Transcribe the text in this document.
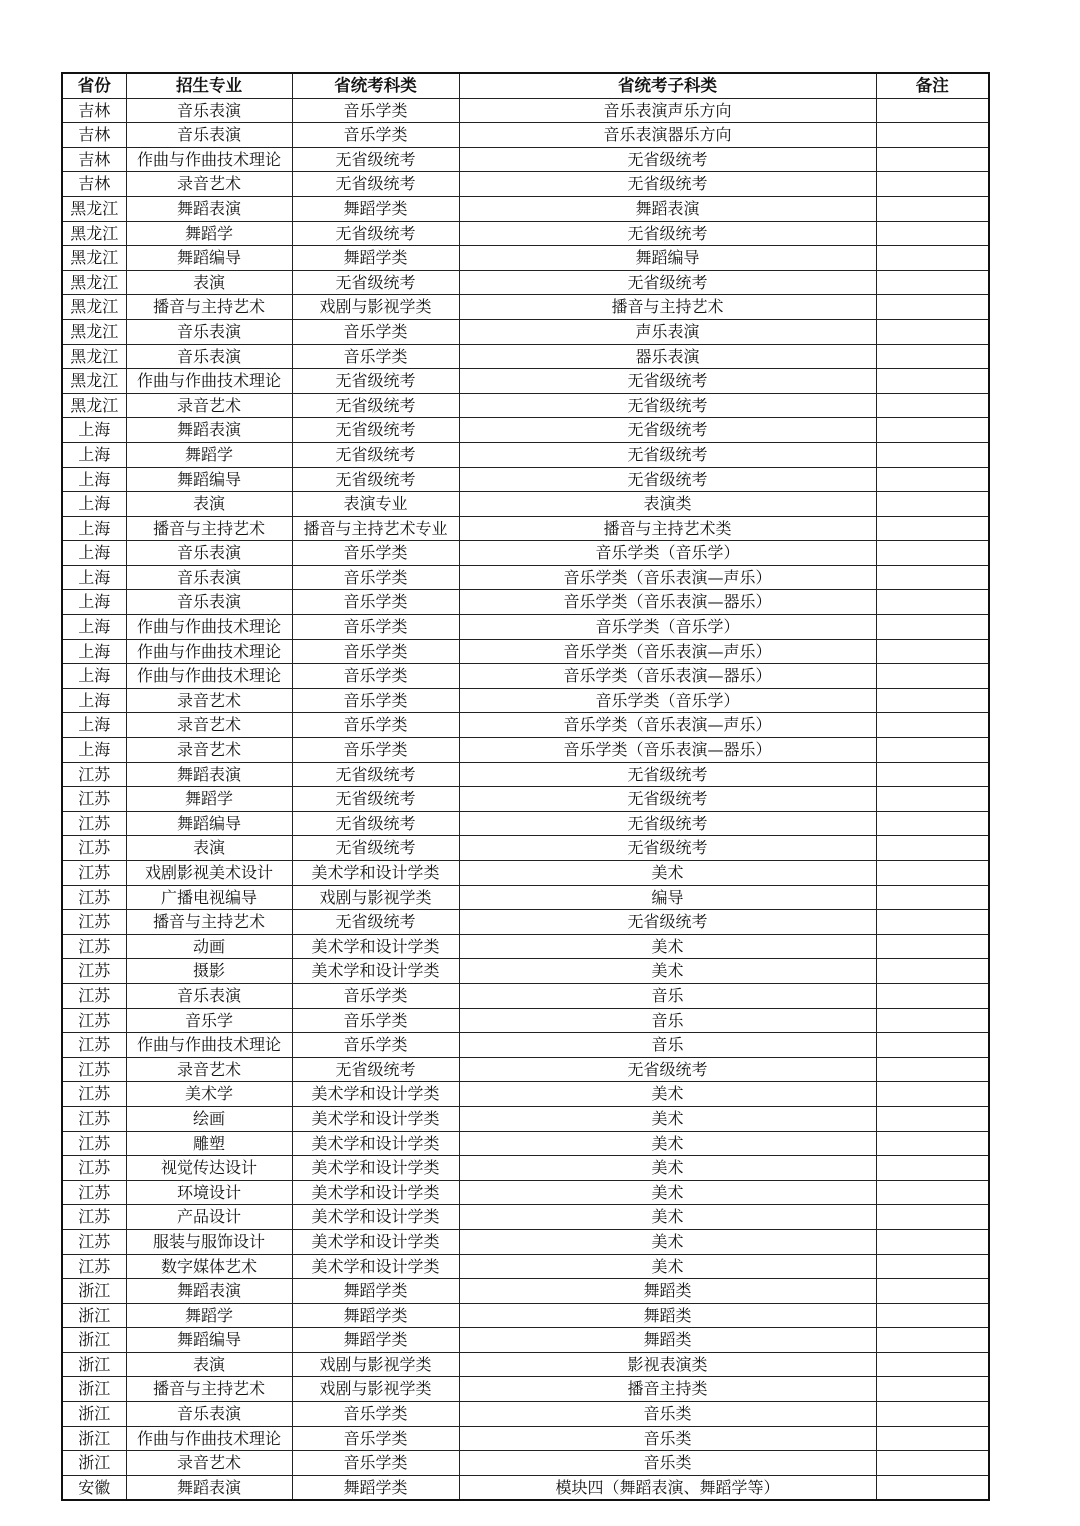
省份	招生专业	省统考科类	省统考子科类	备注
吉林	音乐表演	音乐学类	音乐表演声乐方向	
吉林	音乐表演	音乐学类	音乐表演器乐方向	
吉林	作曲与作曲技术理论	无省级统考	无省级统考	
吉林	录音艺术	无省级统考	无省级统考	
黑龙江	舞蹈表演	舞蹈学类	舞蹈表演	
黑龙江	舞蹈学	无省级统考	无省级统考	
黑龙江	舞蹈编导	舞蹈学类	舞蹈编导	
黑龙江	表演	无省级统考	无省级统考	
黑龙江	播音与主持艺术	戏剧与影视学类	播音与主持艺术	
黑龙江	音乐表演	音乐学类	声乐表演	
黑龙江	音乐表演	音乐学类	器乐表演	
黑龙江	作曲与作曲技术理论	无省级统考	无省级统考	
黑龙江	录音艺术	无省级统考	无省级统考	
上海	舞蹈表演	无省级统考	无省级统考	
上海	舞蹈学	无省级统考	无省级统考	
上海	舞蹈编导	无省级统考	无省级统考	
上海	表演	表演专业	表演类	
上海	播音与主持艺术	播音与主持艺术专业	播音与主持艺术类	
上海	音乐表演	音乐学类	音乐学类（音乐学）	
上海	音乐表演	音乐学类	音乐学类（音乐表演—声乐）	
上海	音乐表演	音乐学类	音乐学类（音乐表演—器乐）	
上海	作曲与作曲技术理论	音乐学类	音乐学类（音乐学）	
上海	作曲与作曲技术理论	音乐学类	音乐学类（音乐表演—声乐）	
上海	作曲与作曲技术理论	音乐学类	音乐学类（音乐表演—器乐）	
上海	录音艺术	音乐学类	音乐学类（音乐学）	
上海	录音艺术	音乐学类	音乐学类（音乐表演—声乐）	
上海	录音艺术	音乐学类	音乐学类（音乐表演—器乐）	
江苏	舞蹈表演	无省级统考	无省级统考	
江苏	舞蹈学	无省级统考	无省级统考	
江苏	舞蹈编导	无省级统考	无省级统考	
江苏	表演	无省级统考	无省级统考	
江苏	戏剧影视美术设计	美术学和设计学类	美术	
江苏	广播电视编导	戏剧与影视学类	编导	
江苏	播音与主持艺术	无省级统考	无省级统考	
江苏	动画	美术学和设计学类	美术	
江苏	摄影	美术学和设计学类	美术	
江苏	音乐表演	音乐学类	音乐	
江苏	音乐学	音乐学类	音乐	
江苏	作曲与作曲技术理论	音乐学类	音乐	
江苏	录音艺术	无省级统考	无省级统考	
江苏	美术学	美术学和设计学类	美术	
江苏	绘画	美术学和设计学类	美术	
江苏	雕塑	美术学和设计学类	美术	
江苏	视觉传达设计	美术学和设计学类	美术	
江苏	环境设计	美术学和设计学类	美术	
江苏	产品设计	美术学和设计学类	美术	
江苏	服装与服饰设计	美术学和设计学类	美术	
江苏	数字媒体艺术	美术学和设计学类	美术	
浙江	舞蹈表演	舞蹈学类	舞蹈类	
浙江	舞蹈学	舞蹈学类	舞蹈类	
浙江	舞蹈编导	舞蹈学类	舞蹈类	
浙江	表演	戏剧与影视学类	影视表演类	
浙江	播音与主持艺术	戏剧与影视学类	播音主持类	
浙江	音乐表演	音乐学类	音乐类	
浙江	作曲与作曲技术理论	音乐学类	音乐类	
浙江	录音艺术	音乐学类	音乐类	
安徽	舞蹈表演	舞蹈学类	模块四（舞蹈表演、舞蹈学等）	
